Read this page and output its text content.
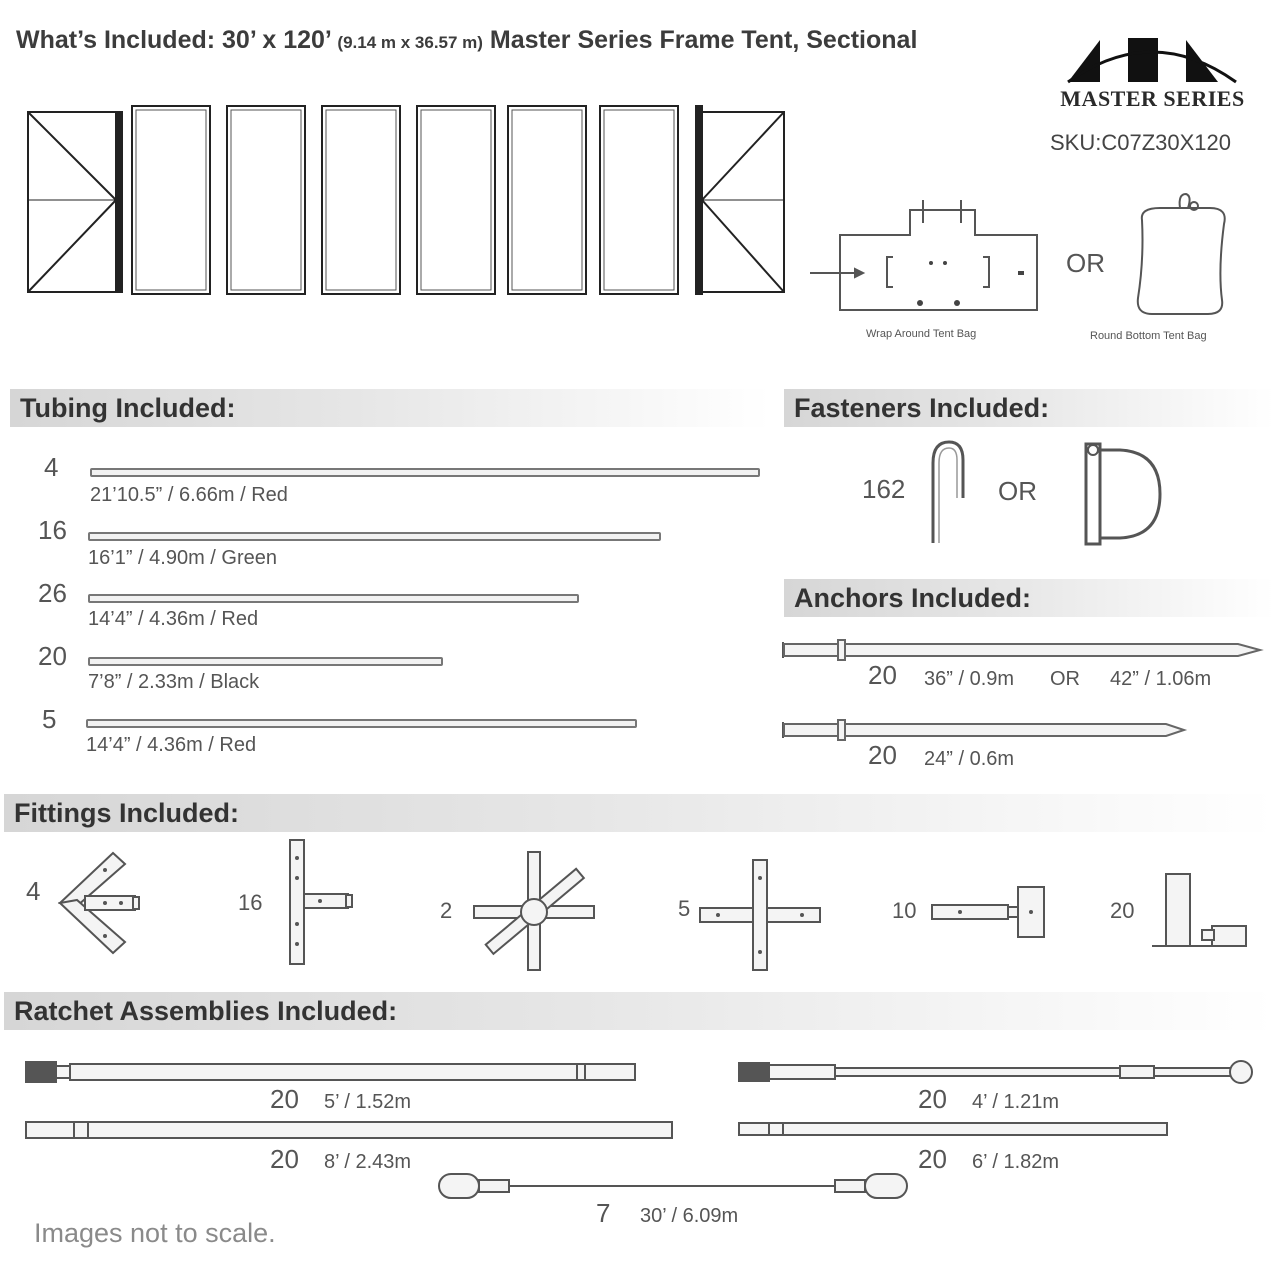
What’s Included: 30’ x 120’ (9.14 m x 36.57 m) Master Series Frame Tent, Sectional
MASTER SERIES
SKU:C07Z30X120
Wrap Around Tent Bag
OR
Round Bottom Tent Bag
Tubing Included:
4
21’10.5” / 6.66m / Red
16
16’1” / 4.90m / Green
26
14’4” / 4.36m / Red
20
7’8” / 2.33m / Black
5
14’4” / 4.36m / Red
Fasteners Included:
162	OR
Anchors Included:
20 36” / 0.9m OR 42” / 1.06m
20 24” / 0.6m
Fittings Included:
4	16	2	5	10	20
Ratchet Assemblies Included:
20 5’ / 1.52m	20 4’ / 1.21m
20 8’ / 2.43m	20 6’ / 1.82m
7 30’ / 6.09m
Images not to scale.
